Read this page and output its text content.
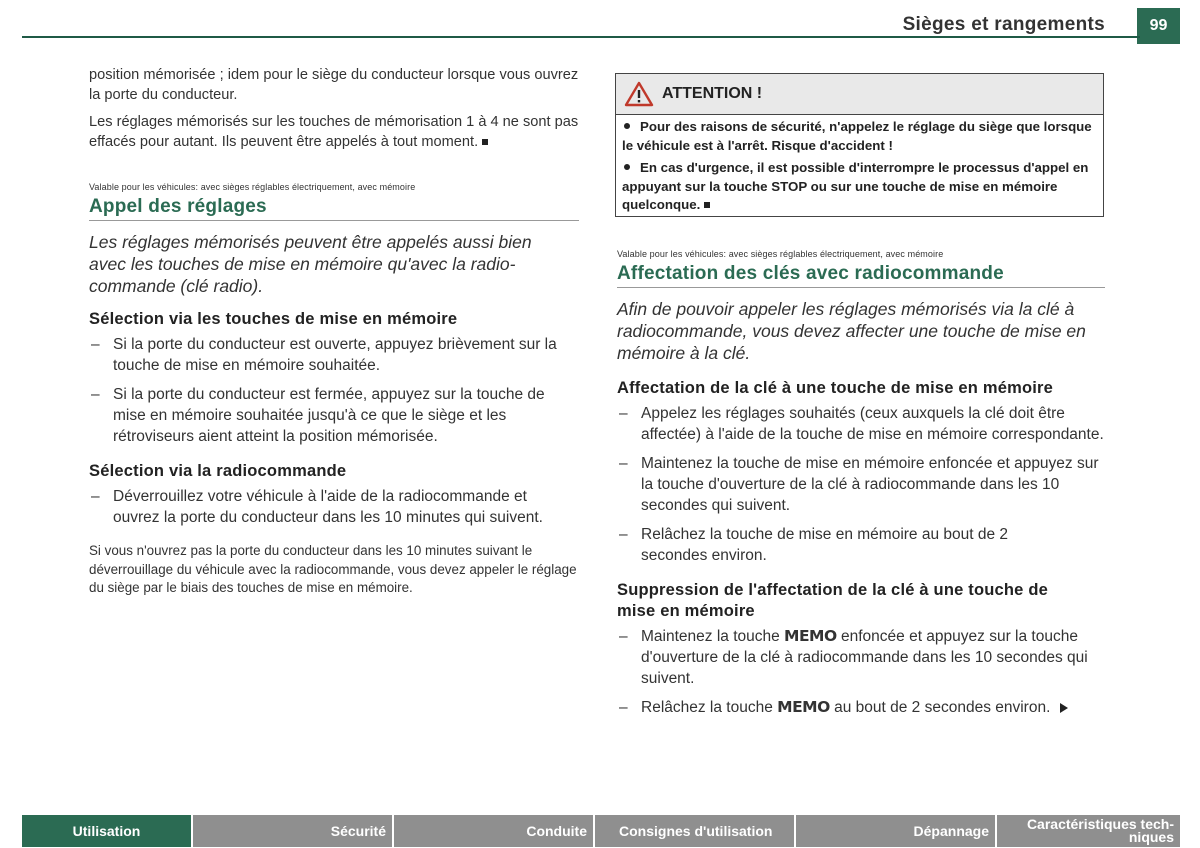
Sièges et rangements	99

position mémorisée ; idem pour le siège du conducteur lorsque vous ouvrez la porte du conducteur.

Les réglages mémorisés sur les touches de mémorisation 1 à 4 ne sont pas effacés pour autant. Ils peuvent être appelés à tout moment.

Valable pour les véhicules: avec sièges réglables électriquement, avec mémoire
Appel des réglages

Les réglages mémorisés peuvent être appelés aussi bien avec les touches de mise en mémoire qu'avec la radio-commande (clé radio).

Sélection via les touches de mise en mémoire
– Si la porte du conducteur est ouverte, appuyez brièvement sur la touche de mise en mémoire souhaitée.
– Si la porte du conducteur est fermée, appuyez sur la touche de mise en mémoire souhaitée jusqu'à ce que le siège et les rétroviseurs aient atteint la position mémorisée.
Sélection via la radiocommande
– Déverrouillez votre véhicule à l'aide de la radiocommande et ouvrez la porte du conducteur dans les 10 minutes qui suivent.

Si vous n'ouvrez pas la porte du conducteur dans les 10 minutes suivant le déverrouillage du véhicule avec la radiocommande, vous devez appeler le réglage du siège par le biais des touches de mise en mémoire.

ATTENTION !

Pour des raisons de sécurité, n'appelez le réglage du siège que lorsque le véhicule est à l'arrêt. Risque d'accident !

En cas d'urgence, il est possible d'interrompre le processus d'appel en appuyant sur la touche STOP ou sur une touche de mise en mémoire quelconque.

Valable pour les véhicules: avec sièges réglables électriquement, avec mémoire
Affectation des clés avec radiocommande

Afin de pouvoir appeler les réglages mémorisés via la clé à radiocommande, vous devez affecter une touche de mise en mémoire à la clé.

Affectation de la clé à une touche de mise en mémoire
– Appelez les réglages souhaités (ceux auxquels la clé doit être affectée) à l'aide de la touche de mise en mémoire correspondante.
– Maintenez la touche de mise en mémoire enfoncée et appuyez sur la touche d'ouverture de la clé à radiocommande dans les 10 secondes qui suivent.
– Relâchez la touche de mise en mémoire au bout de 2 secondes environ.
Suppression de l'affectation de la clé à une touche de mise en mémoire
– Maintenez la touche MEMO enfoncée et appuyez sur la touche d'ouverture de la clé à radiocommande dans les 10 secondes qui suivent.
– Relâchez la touche MEMO au bout de 2 secondes environ.
Utilisation	Sécurité	Conduite Consignes d'utilisation	Dépannage	Caractéristiques tech-
niques
